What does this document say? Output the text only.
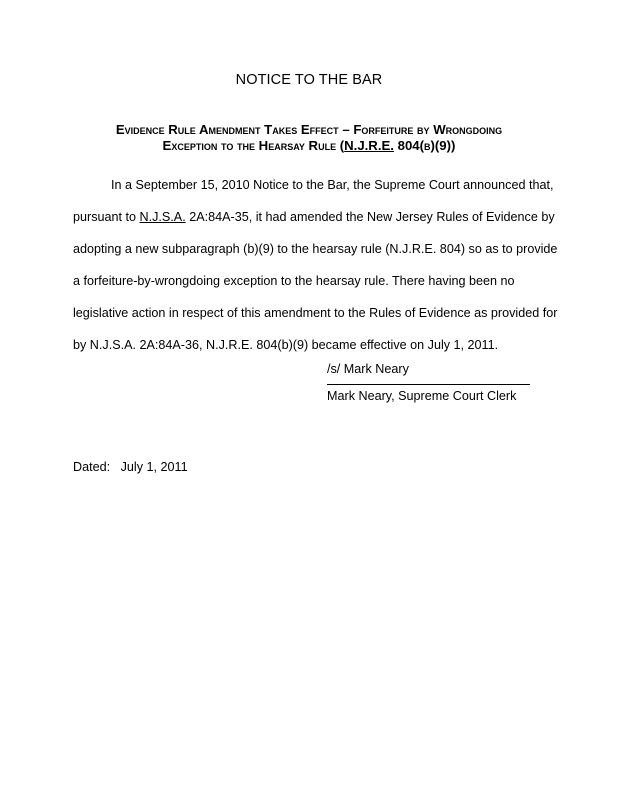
NOTICE TO THE BAR
Evidence Rule Amendment Takes Effect – Forfeiture by Wrongdoing
Exception to the Hearsay Rule (N.J.R.E. 804(b)(9))
In a September 15, 2010 Notice to the Bar, the Supreme Court announced that,
pursuant to N.J.S.A. 2A:84A-35, it had amended the New Jersey Rules of Evidence by
adopting a new subparagraph (b)(9) to the hearsay rule (N.J.R.E. 804) so as to provide
a forfeiture-by-wrongdoing exception to the hearsay rule. There having been no
legislative action in respect of this amendment to the Rules of Evidence as provided for
by N.J.S.A. 2A:84A-36, N.J.R.E. 804(b)(9) became effective on July 1, 2011.
/s/ Mark Neary
Mark Neary, Supreme Court Clerk
Dated: July 1, 2011
